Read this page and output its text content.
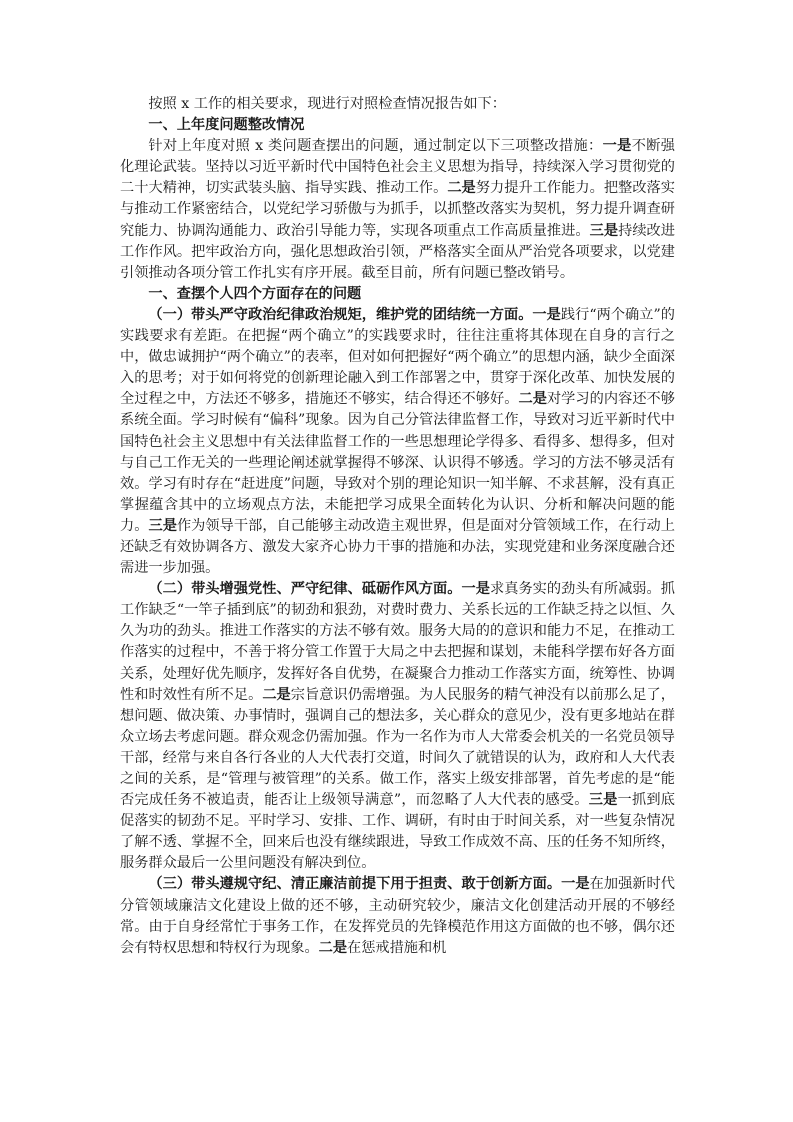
按照 x 工作的相关要求，现进行对照检查情况报告如下：

一、上年度问题整改情况

针对上年度对照 x 类问题查摆出的问题，通过制定以下三项整改措施：一是不断强化理论武装。坚持以习近平新时代中国特色社会主义思想为指导，持续深入学习贯彻党的二十大精神，切实武装头脑、指导实践、推动工作。二是努力提升工作能力。把整改落实与推动工作紧密结合，以党纪学习骄傲与为抓手，以抓整改落实为契机，努力提升调查研究能力、协调沟通能力、政治引导能力等，实现各项重点工作高质量推进。三是持续改进工作作风。把牢政治方向，强化思想政治引领，严格落实全面从严治党各项要求，以党建引领推动各项分管工作扎实有序开展。截至目前，所有问题已整改销号。

一、查摆个人四个方面存在的问题

（一）带头严守政治纪律政治规矩，维护党的团结统一方面。一是践行“两个确立”的实践要求有差距。在把握“两个确立”的实践要求时，往往注重将其体现在自身的言行之中，做忠诚拥护“两个确立”的表率，但对如何把握好“两个确立”的思想内涵，缺少全面深入的思考；对于如何将党的创新理论融入到工作部署之中，贯穿于深化改革、加快发展的全过程之中，方法还不够多，措施还不够实，结合得还不够好。二是对学习的内容还不够系统全面。学习时候有“偏科”现象。因为自己分管法律监督工作，导致对习近平新时代中国特色社会主义思想中有关法律监督工作的一些思想理论学得多、看得多、想得多，但对与自己工作无关的一些理论阐述就掌握得不够深、认识得不够透。学习的方法不够灵活有效。学习有时存在“赶进度”问题，导致对个别的理论知识一知半解、不求甚解，没有真正掌握蕴含其中的立场观点方法，未能把学习成果全面转化为认识、分析和解决问题的能力。三是作为领导干部，自己能够主动改造主观世界，但是面对分管领域工作，在行动上还缺乏有效协调各方、激发大家齐心协力干事的措施和办法，实现党建和业务深度融合还需进一步加强。

（二）带头增强党性、严守纪律、砥砺作风方面。一是求真务实的劲头有所减弱。抓工作缺乏“一竿子插到底”的韧劲和狠劲，对费时费力、关系长远的工作缺乏持之以恒、久久为功的劲头。推进工作落实的方法不够有效。服务大局的的意识和能力不足，在推动工作落实的过程中，不善于将分管工作置于大局之中去把握和谋划，未能科学摆布好各方面关系，处理好优先顺序，发挥好各自优势，在凝聚合力推动工作落实方面，统筹性、协调性和时效性有所不足。二是宗旨意识仍需增强。为人民服务的精气神没有以前那么足了，想问题、做决策、办事情时，强调自己的想法多，关心群众的意见少，没有更多地站在群众立场去考虑问题。群众观念仍需加强。作为一名作为市人大常委会机关的一名党员领导干部，经常与来自各行各业的人大代表打交道，时间久了就错误的认为，政府和人大代表之间的关系，是“管理与被管理”的关系。做工作，落实上级安排部署，首先考虑的是“能否完成任务不被追责，能否让上级领导满意”，而忽略了人大代表的感受。三是一抓到底促落实的韧劲不足。平时学习、安排、工作、调研，有时由于时间关系，对一些复杂情况了解不透、掌握不全，回来后也没有继续跟进，导致工作成效不高、压的任务不知所终，服务群众最后一公里问题没有解决到位。

（三）带头遵规守纪、清正廉洁前提下用于担责、敢于创新方面。一是在加强新时代分管领域廉洁文化建设上做的还不够，主动研究较少，廉洁文化创建活动开展的不够经常。由于自身经常忙于事务工作，在发挥党员的先锋模范作用这方面做的也不够，偶尔还会有特权思想和特权行为现象。二是在惩戒措施和机
